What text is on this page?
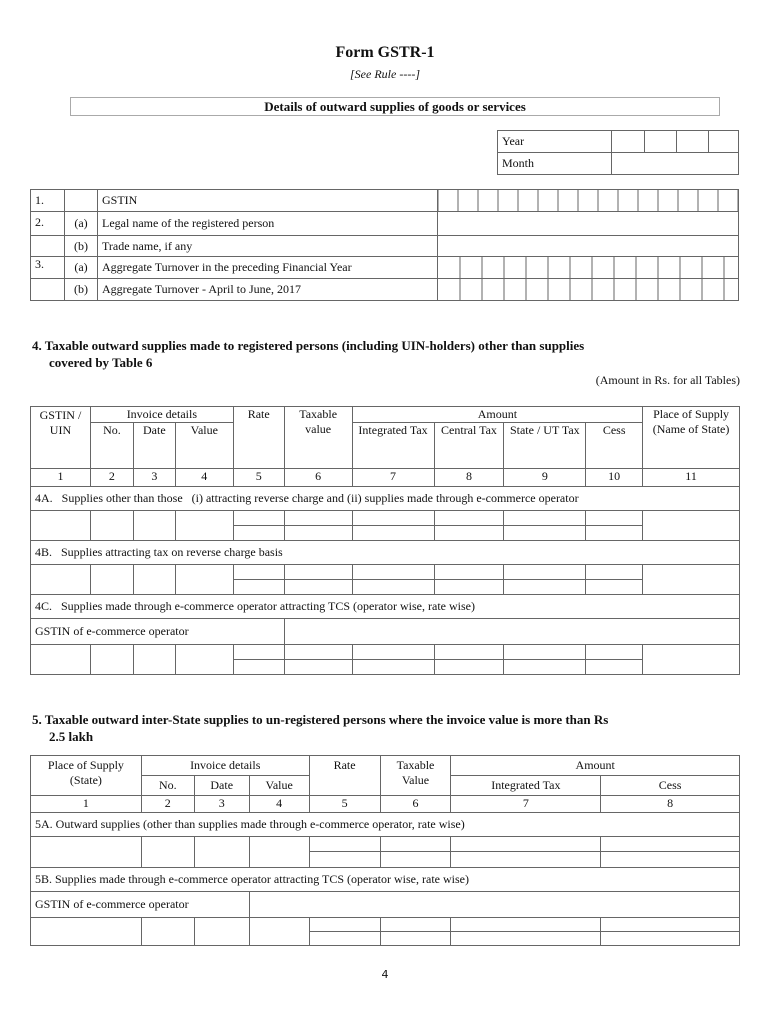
Form GSTR-1
[See Rule ----]
Details of outward supplies of goods or services
Year	

Month	
1.		GSTIN	
2.	(a)	Legal name of the registered person	
	(b)	Trade name, if any	
3.	(a)	Aggregate Turnover in the preceding Financial Year	
	(b)	Aggregate Turnover - April to June, 2017	
4. Taxable outward supplies made to registered persons (including UIN-holders) other than supplies
covered by Table 6
(Amount in Rs. for all Tables)
GSTIN / UIN	Invoice details			Rate	Taxable value	Amount				Place of Supply (Name of State)
	No.	Date	Value			Integrated Tax	Central Tax	State / UT Tax	Cess	
1	2	3	4	5	6	7	8	9	10	11
4A.   Supplies other than those   (i) attracting reverse charge and (ii) supplies made through e-commerce operator										

4B.   Supplies attracting tax on reverse charge basis										

4C.   Supplies made through e-commerce operator attracting TCS (operator wise, rate wise)										
GSTIN of e-commerce operator										

5. Taxable outward inter-State supplies to un-registered persons where the invoice value is more than Rs
2.5 lakh
Place of Supply (State)	Invoice details			Rate	Taxable Value	Amount	
	No.	Date	Value			Integrated Tax	Cess
1	2	3	4	5	6	7	8
5A. Outward supplies (other than supplies made through e-commerce operator, rate wise)							

5B. Supplies made through e-commerce operator attracting TCS (operator wise, rate wise)							
GSTIN of e-commerce operator							

4
